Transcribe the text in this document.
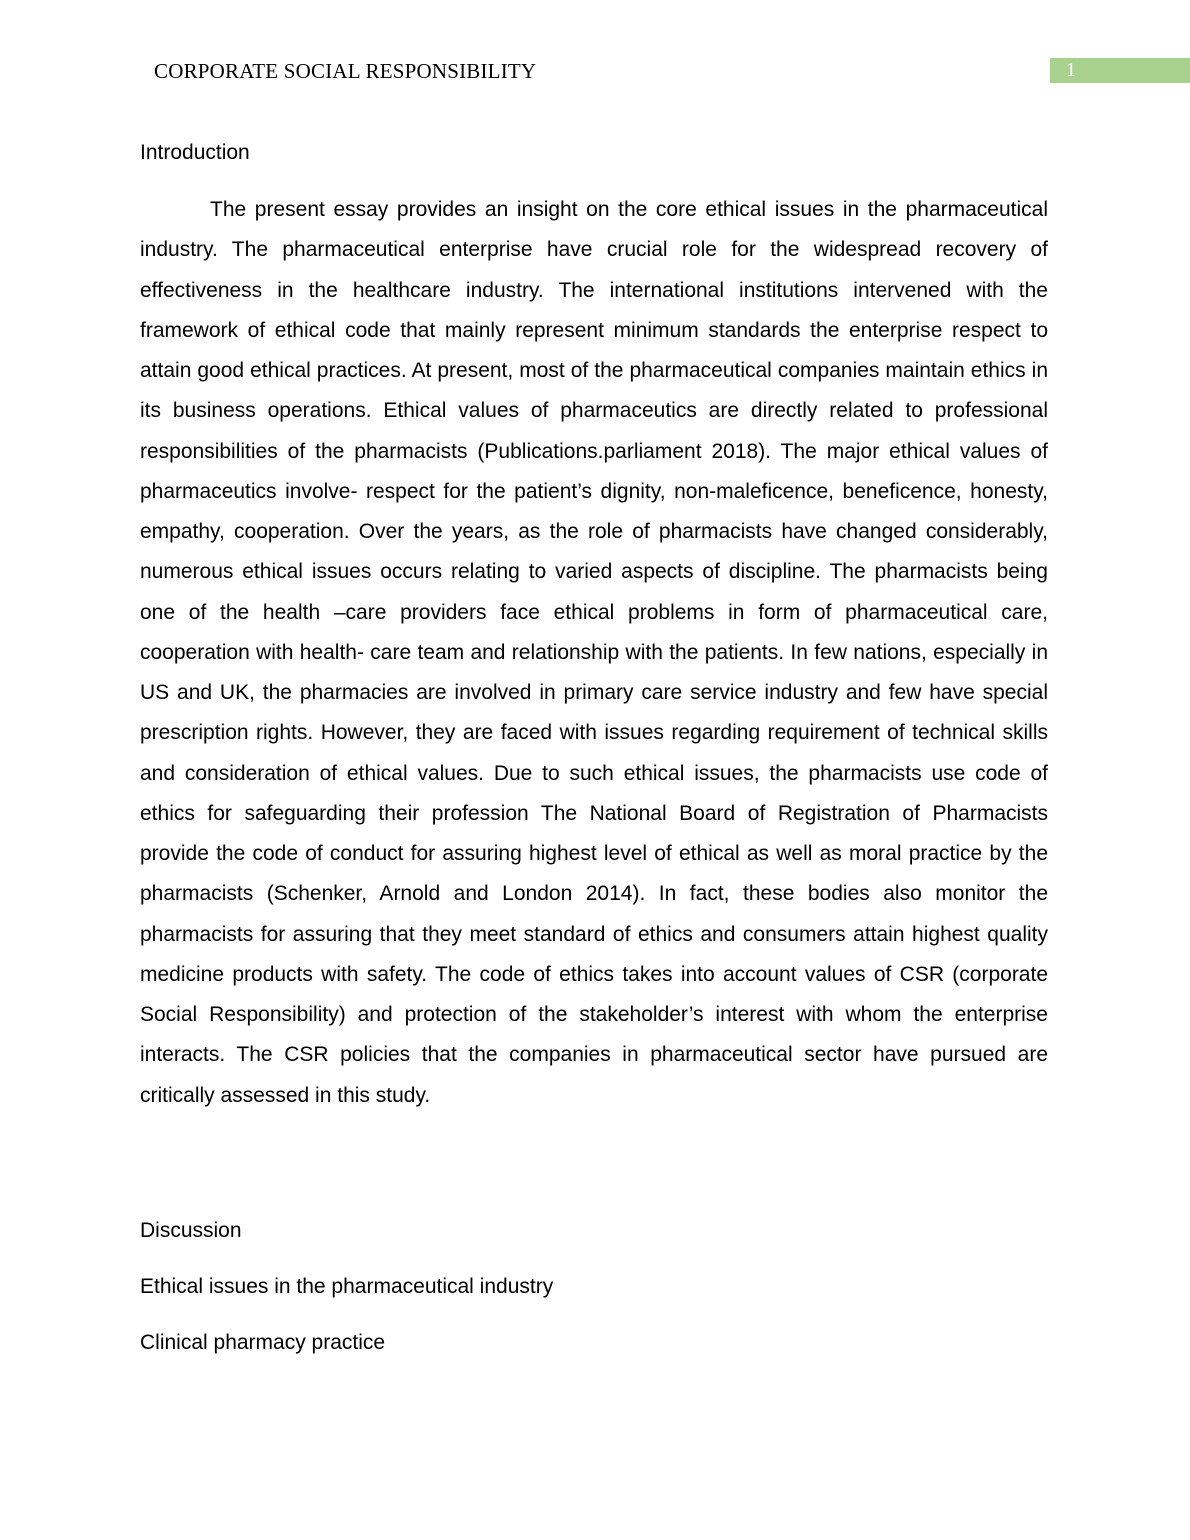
CORPORATE SOCIAL RESPONSIBILITY	1
Introduction

The present essay provides an insight on the core ethical issues in the pharmaceutical industry. The pharmaceutical enterprise have crucial role for the widespread recovery of effectiveness in the healthcare industry. The international institutions intervened with the framework of ethical code that mainly represent minimum standards the enterprise respect to attain good ethical practices. At present, most of the pharmaceutical companies maintain ethics in its business operations. Ethical values of pharmaceutics are directly related to professional responsibilities of the pharmacists (Publications.parliament 2018). The major ethical values of pharmaceutics involve- respect for the patient’s dignity, non-maleficence, beneficence, honesty, empathy, cooperation. Over the years, as the role of pharmacists have changed considerably, numerous ethical issues occurs relating to varied aspects of discipline. The pharmacists being one of the health –care providers face ethical problems in form of pharmaceutical care, cooperation with health- care team and relationship with the patients. In few nations, especially in US and UK, the pharmacies are involved in primary care service industry and few have special prescription rights. However, they are faced with issues regarding requirement of technical skills and consideration of ethical values. Due to such ethical issues, the pharmacists use code of ethics for safeguarding their profession The National Board of Registration of Pharmacists provide the code of conduct for assuring highest level of ethical as well as moral practice by the pharmacists (Schenker, Arnold and London 2014). In fact, these bodies also monitor the pharmacists for assuring that they meet standard of ethics and consumers attain highest quality medicine products with safety. The code of ethics takes into account values of CSR (corporate Social Responsibility) and protection of the stakeholder’s interest with whom the enterprise interacts. The CSR policies that the companies in pharmaceutical sector have pursued are critically assessed in this study.

Discussion
Ethical issues in the pharmaceutical industry
Clinical pharmacy practice
